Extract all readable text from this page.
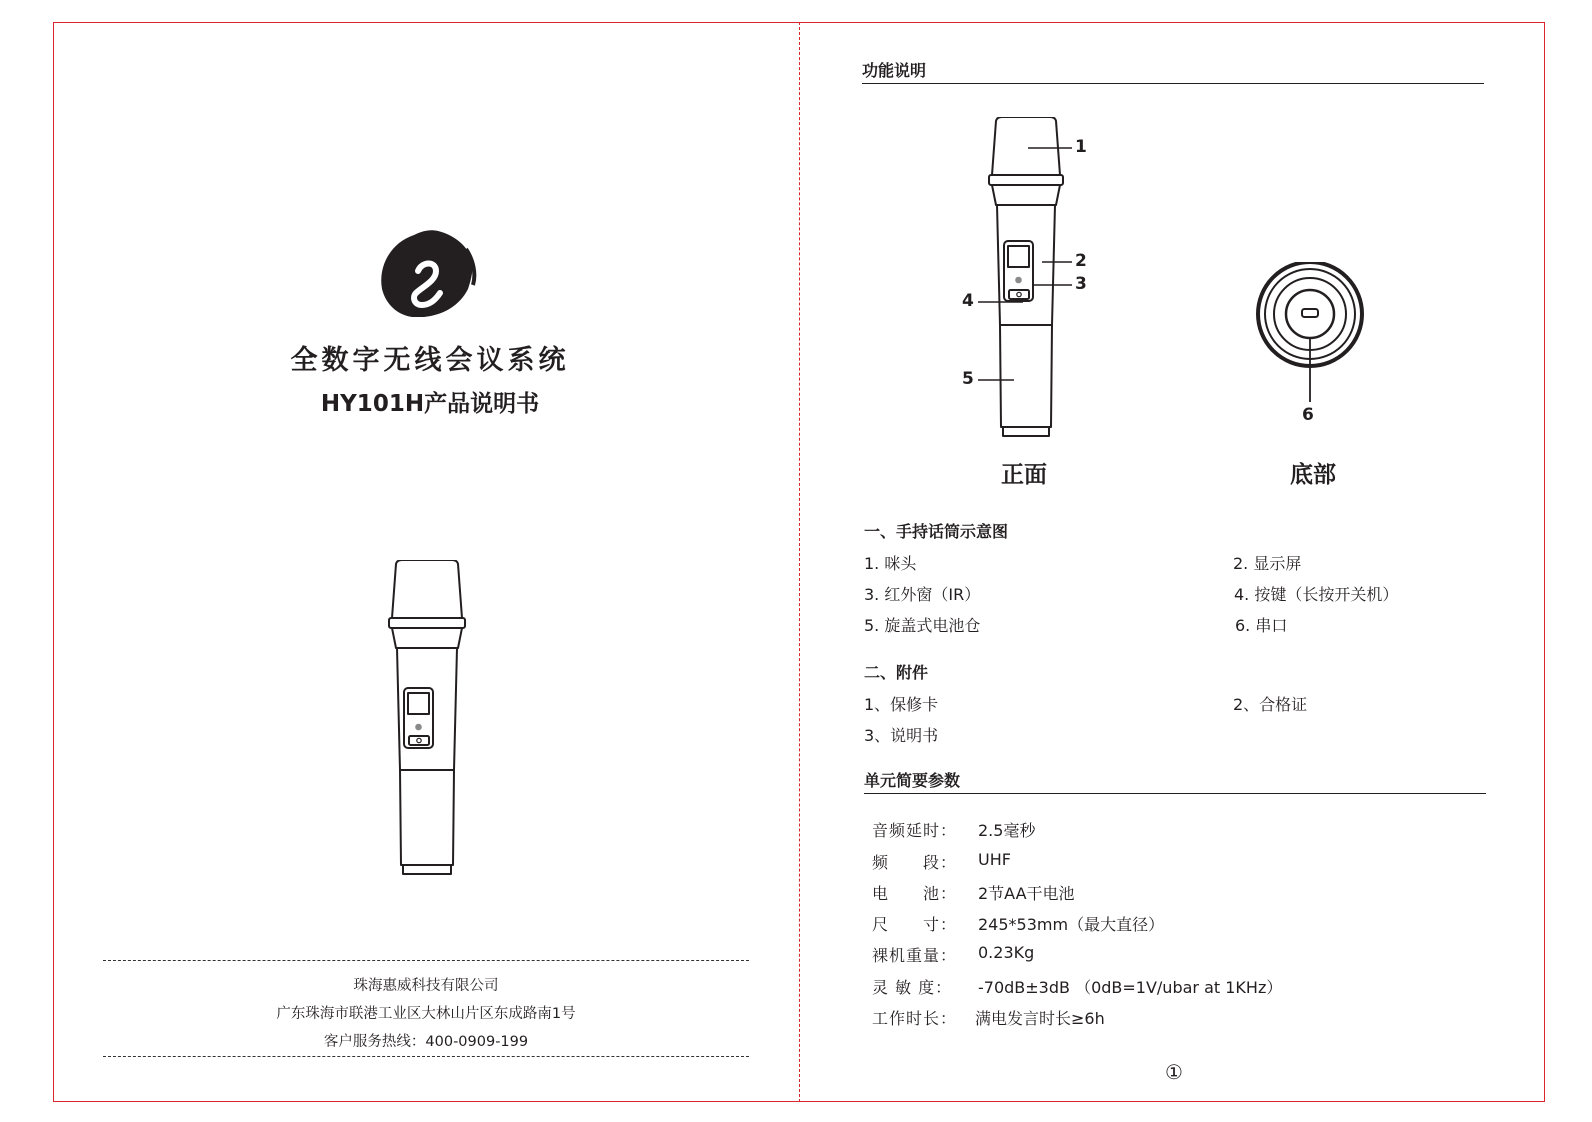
全数字无线会议系统
HY101H产品说明书
珠海惠威科技有限公司
广东珠海市联港工业区大林山片区东成路南1号
客户服务热线：400-0909-199
功能说明
1
2
3
4
5
6
正面	底部
一、手持话筒示意图
1. 咪头	2. 显示屏
3. 红外窗（IR）	4. 按键（长按开关机）
5. 旋盖式电池仓	6. 串口
二、附件
1、保修卡	2、合格证
3、说明书
单元简要参数
音频延时： 2.5毫秒
频　　段： UHF
电　　池： 2节AA干电池
尺　　寸： 245*53mm（最大直径）
裸机重量： 0.23Kg
灵 敏 度： -70dB±3dB （0dB=1V/ubar at 1KHz）
工作时长： 满电发言时长≥6h
①
